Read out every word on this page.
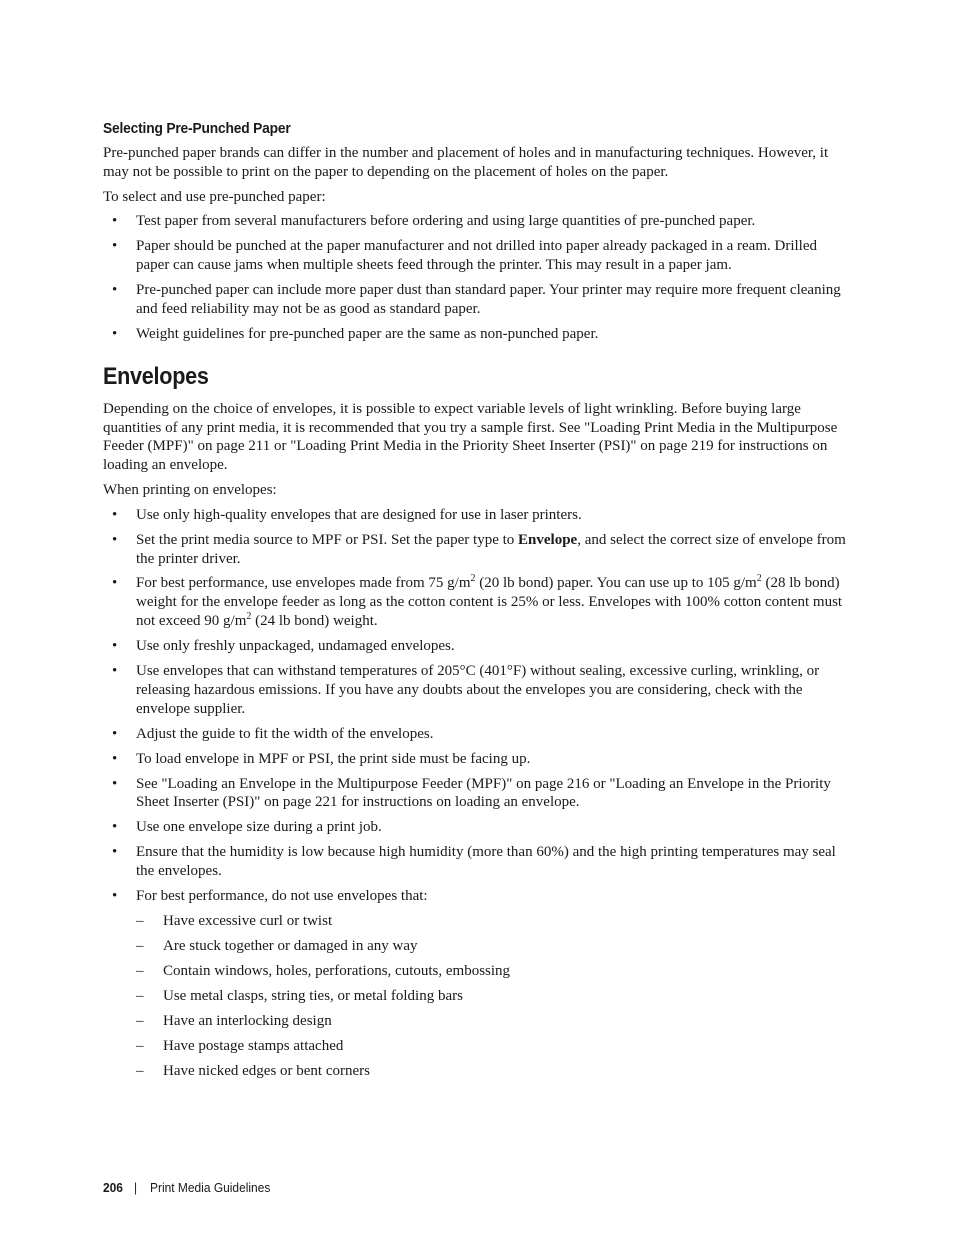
Selecting Pre-Punched Paper

Pre-punched paper brands can differ in the number and placement of holes and in manufacturing techniques. However, it may not be possible to print on the paper to depending on the placement of holes on the paper.

To select and use pre-punched paper:

• Test paper from several manufacturers before ordering and using large quantities of pre-punched paper.
• Paper should be punched at the paper manufacturer and not drilled into paper already packaged in a ream. Drilled paper can cause jams when multiple sheets feed through the printer. This may result in a paper jam.
• Pre-punched paper can include more paper dust than standard paper. Your printer may require more frequent cleaning and feed reliability may not be as good as standard paper.
• Weight guidelines for pre-punched paper are the same as non-punched paper.
Envelopes

Depending on the choice of envelopes, it is possible to expect variable levels of light wrinkling. Before buying large quantities of any print media, it is recommended that you try a sample first. See "Loading Print Media in the Multipurpose Feeder (MPF)" on page 211 or "Loading Print Media in the Priority Sheet Inserter (PSI)" on page 219 for instructions on loading an envelope.

When printing on envelopes:

• Use only high-quality envelopes that are designed for use in laser printers.
• Set the print media source to MPF or PSI. Set the paper type to Envelope, and select the correct size of envelope from the printer driver.
• For best performance, use envelopes made from 75 $g/m^2$ (20 lb bond) paper. You can use up to 105 $g/m^2$ (28 lb bond) weight for the envelope feeder as long as the cotton content is 25% or less. Envelopes with 100% cotton content must not exceed 90 $g/m^2$ (24 lb bond) weight.
• Use only freshly unpackaged, undamaged envelopes.
• Use envelopes that can withstand temperatures of 205°C (401°F) without sealing, excessive curling, wrinkling, or releasing hazardous emissions. If you have any doubts about the envelopes you are considering, check with the envelope supplier.
• Adjust the guide to fit the width of the envelopes.
• To load envelope in MPF or PSI, the print side must be facing up.
• See "Loading an Envelope in the Multipurpose Feeder (MPF)" on page 216 or "Loading an Envelope in the Priority Sheet Inserter (PSI)" on page 221 for instructions on loading an envelope.
• Use one envelope size during a print job.
• Ensure that the humidity is low because high humidity (more than 60%) and the high printing temperatures may seal the envelopes.
• For best performance, do not use envelopes that:
– Have excessive curl or twist
– Are stuck together or damaged in any way
– Contain windows, holes, perforations, cutouts, embossing
– Use metal clasps, string ties, or metal folding bars
– Have an interlocking design
– Have postage stamps attached
– Have nicked edges or bent corners
206 | Print Media Guidelines
